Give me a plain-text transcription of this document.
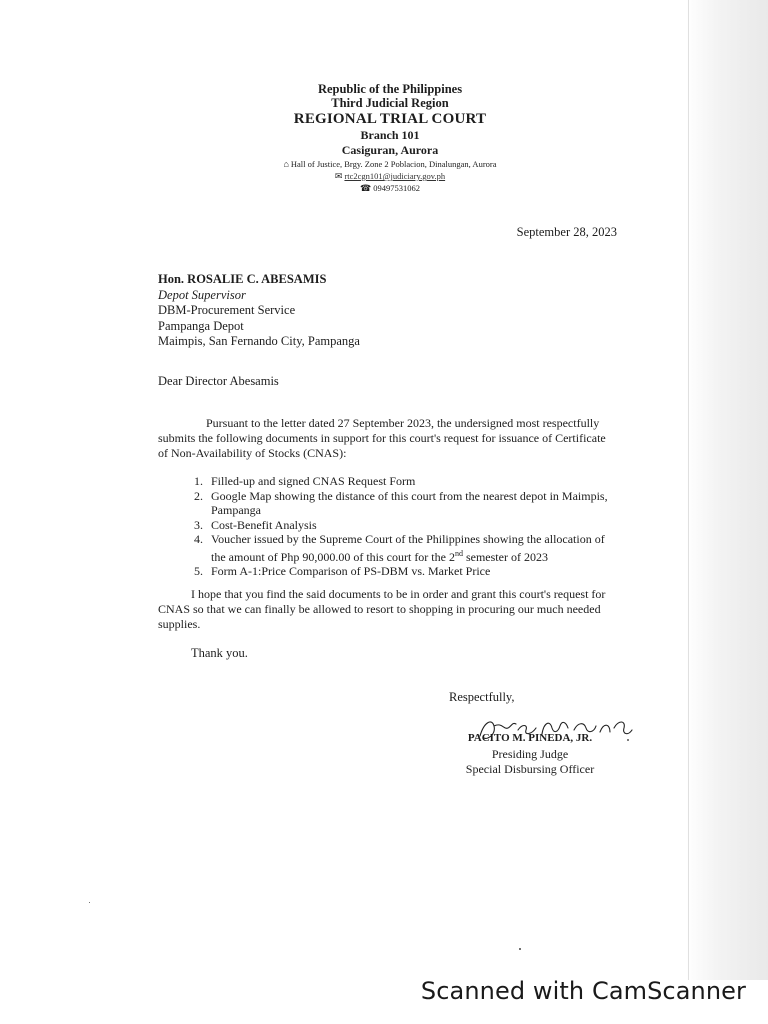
Republic of the Philippines
Third Judicial Region
REGIONAL TRIAL COURT
Branch 101
Casiguran, Aurora
⌂ Hall of Justice, Brgy. Zone 2 Poblacion, Dinalungan, Aurora
✉ rtc2cgn101@judiciary.gov.ph
☎ 09497531062
September 28, 2023
Hon. ROSALIE C. ABESAMIS
Depot Supervisor
DBM-Procurement Service
Pampanga Depot
Maimpis, San Fernando City, Pampanga
Dear Director Abesamis

Pursuant to the letter dated 27 September 2023, the undersigned most respectfully submits the following documents in support for this court's request for issuance of Certificate of Non-Availability of Stocks (CNAS):

1. Filled-up and signed CNAS Request Form
2. Google Map showing the distance of this court from the nearest depot in Maimpis, Pampanga
3. Cost-Benefit Analysis
4. Voucher issued by the Supreme Court of the Philippines showing the allocation of the amount of Php 90,000.00 of this court for the 2nd semester of 2023
5. Form A-1:Price Comparison of PS-DBM vs. Market Price

I hope that you find the said documents to be in order and grant this court's request for CNAS so that we can finally be allowed to resort to shopping in procuring our much needed supplies.

Thank you.
Respectfully,
PACITO M. PINEDA, JR.
Presiding Judge
Special Disbursing Officer
Scanned with CamScanner
